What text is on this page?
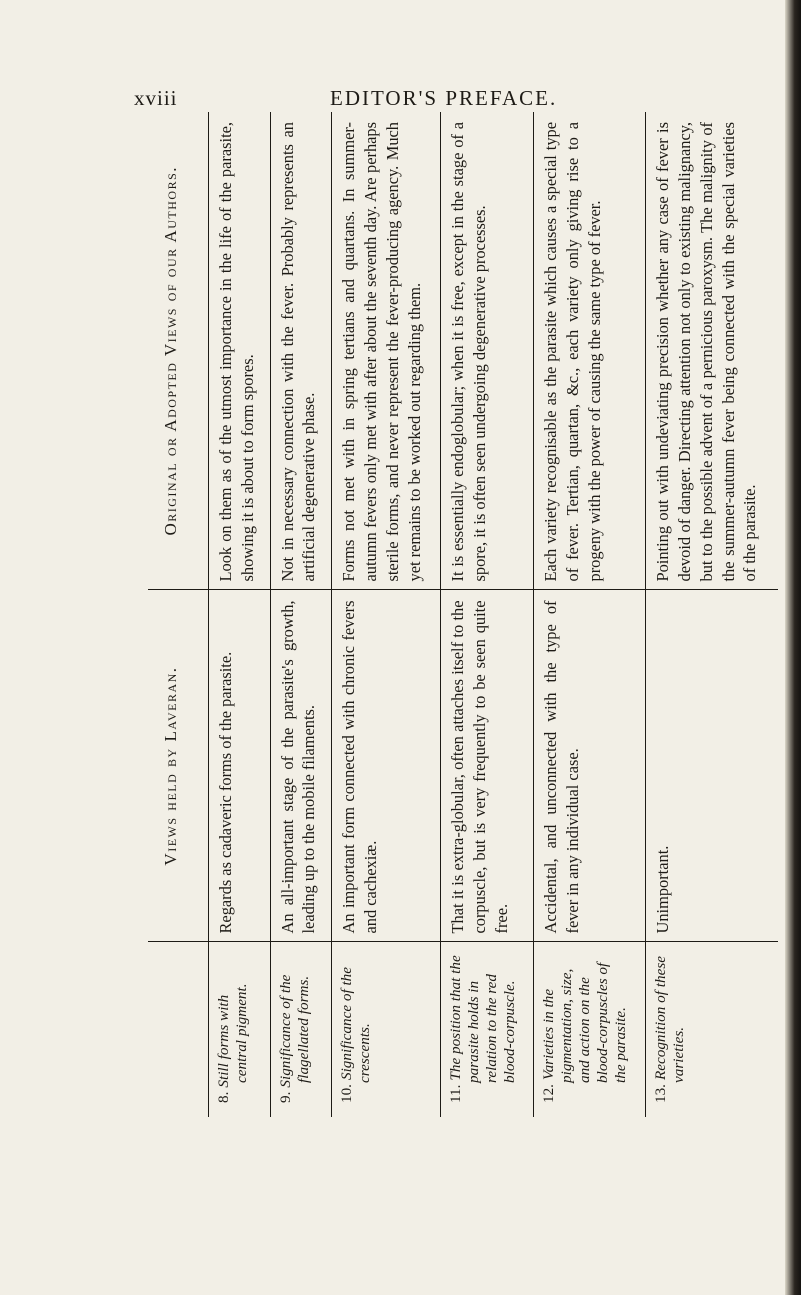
xviii	EDITOR'S PREFACE.
	Views held by Laveran.	Original or Adopted Views of our Authors.

8.Still forms with central pigment.	Regards as cadaveric forms of the parasite.	Look on them as of the utmost importance in the life of the parasite, showing it is about to form spores.

9.Significance of the flagellated forms.	An all-important stage of the parasite's growth, leading up to the mobile filaments.	Not in necessary connection with the fever. Probably represents an artificial degenerative phase.

10.Significance of the crescents.	An important form connected with chronic fevers and cachexiæ.	Forms not met with in spring tertians and quartans. In summer-autumn fevers only met with after about the seventh day. Are perhaps sterile forms, and never represent the fever-producing agency. Much yet remains to be worked out regarding them.

11.The position that the parasite holds in relation to the red blood-corpuscle.	That it is extra-globular, often attaches itself to the corpuscle, but is very frequently to be seen quite free.	It is essentially endoglobular; when it is free, except in the stage of a spore, it is often seen undergoing degenerative processes.

12.Varieties in the pigmentation, size, and action on the blood-corpuscles of the parasite.	Accidental, and unconnected with the type of fever in any individual case.	Each variety recognisable as the parasite which causes a special type of fever. Tertian, quartan, &c., each variety only giving rise to a progeny with the power of causing the same type of fever.

13.Recognition of these varieties.	Unimportant.	Pointing out with undeviating precision whether any case of fever is devoid of danger. Directing attention not only to existing malignancy, but to the possible advent of a pernicious paroxysm. The malignity of the summer-autumn fever being connected with the special varieties of the parasite.
